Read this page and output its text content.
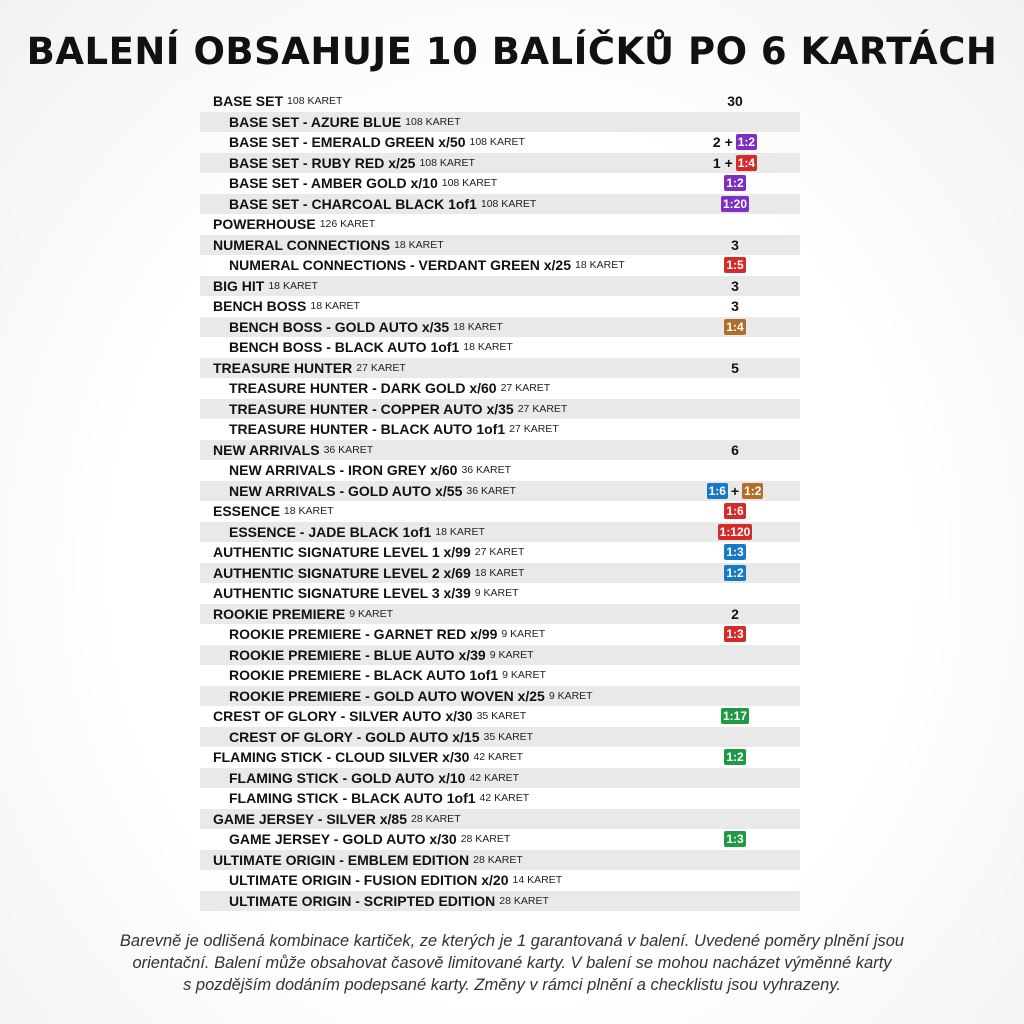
BALENÍ OBSAHUJE 10 BALÍČKŮ PO 6 KARTÁCH
BASE SET 108 KARET	30
BASE SET - AZURE BLUE 108 KARET
BASE SET - EMERALD GREEN x/50 108 KARET	2 + 1:2
BASE SET - RUBY RED x/25 108 KARET	1 + 1:4
BASE SET - AMBER GOLD x/10 108 KARET	1:2
BASE SET - CHARCOAL BLACK 1of1 108 KARET	1:20
POWERHOUSE 126 KARET
NUMERAL CONNECTIONS 18 KARET	3
NUMERAL CONNECTIONS - VERDANT GREEN x/25 18 KARET	1:5
BIG HIT 18 KARET	3
BENCH BOSS 18 KARET	3
BENCH BOSS - GOLD AUTO x/35 18 KARET	1:4
BENCH BOSS - BLACK AUTO 1of1 18 KARET
TREASURE HUNTER 27 KARET	5
TREASURE HUNTER - DARK GOLD x/60 27 KARET
TREASURE HUNTER - COPPER AUTO x/35 27 KARET
TREASURE HUNTER - BLACK AUTO 1of1 27 KARET
NEW ARRIVALS 36 KARET	6
NEW ARRIVALS - IRON GREY x/60 36 KARET
NEW ARRIVALS - GOLD AUTO x/55 36 KARET	1:6 + 1:2
ESSENCE 18 KARET	1:6
ESSENCE - JADE BLACK 1of1 18 KARET	1:120
AUTHENTIC SIGNATURE LEVEL 1 x/99 27 KARET	1:3
AUTHENTIC SIGNATURE LEVEL 2 x/69 18 KARET	1:2
AUTHENTIC SIGNATURE LEVEL 3 x/39 9 KARET
ROOKIE PREMIERE 9 KARET	2
ROOKIE PREMIERE - GARNET RED x/99 9 KARET	1:3
ROOKIE PREMIERE - BLUE AUTO x/39 9 KARET
ROOKIE PREMIERE - BLACK AUTO 1of1 9 KARET
ROOKIE PREMIERE - GOLD AUTO WOVEN x/25 9 KARET
CREST OF GLORY - SILVER AUTO x/30 35 KARET	1:17
CREST OF GLORY - GOLD AUTO x/15 35 KARET
FLAMING STICK - CLOUD SILVER x/30 42 KARET	1:2
FLAMING STICK - GOLD AUTO x/10 42 KARET
FLAMING STICK - BLACK AUTO 1of1 42 KARET
GAME JERSEY - SILVER x/85 28 KARET
GAME JERSEY - GOLD AUTO x/30 28 KARET	1:3
ULTIMATE ORIGIN - EMBLEM EDITION 28 KARET
ULTIMATE ORIGIN - FUSION EDITION x/20 14 KARET
ULTIMATE ORIGIN - SCRIPTED EDITION 28 KARET
Barevně je odlišená kombinace kartiček, ze kterých je 1 garantovaná v balení. Uvedené poměry plnění jsou
orientační. Balení může obsahovat časově limitované karty. V balení se mohou nacházet výměnné karty
s pozdějším dodáním podepsané karty. Změny v rámci plnění a checklistu jsou vyhrazeny.
